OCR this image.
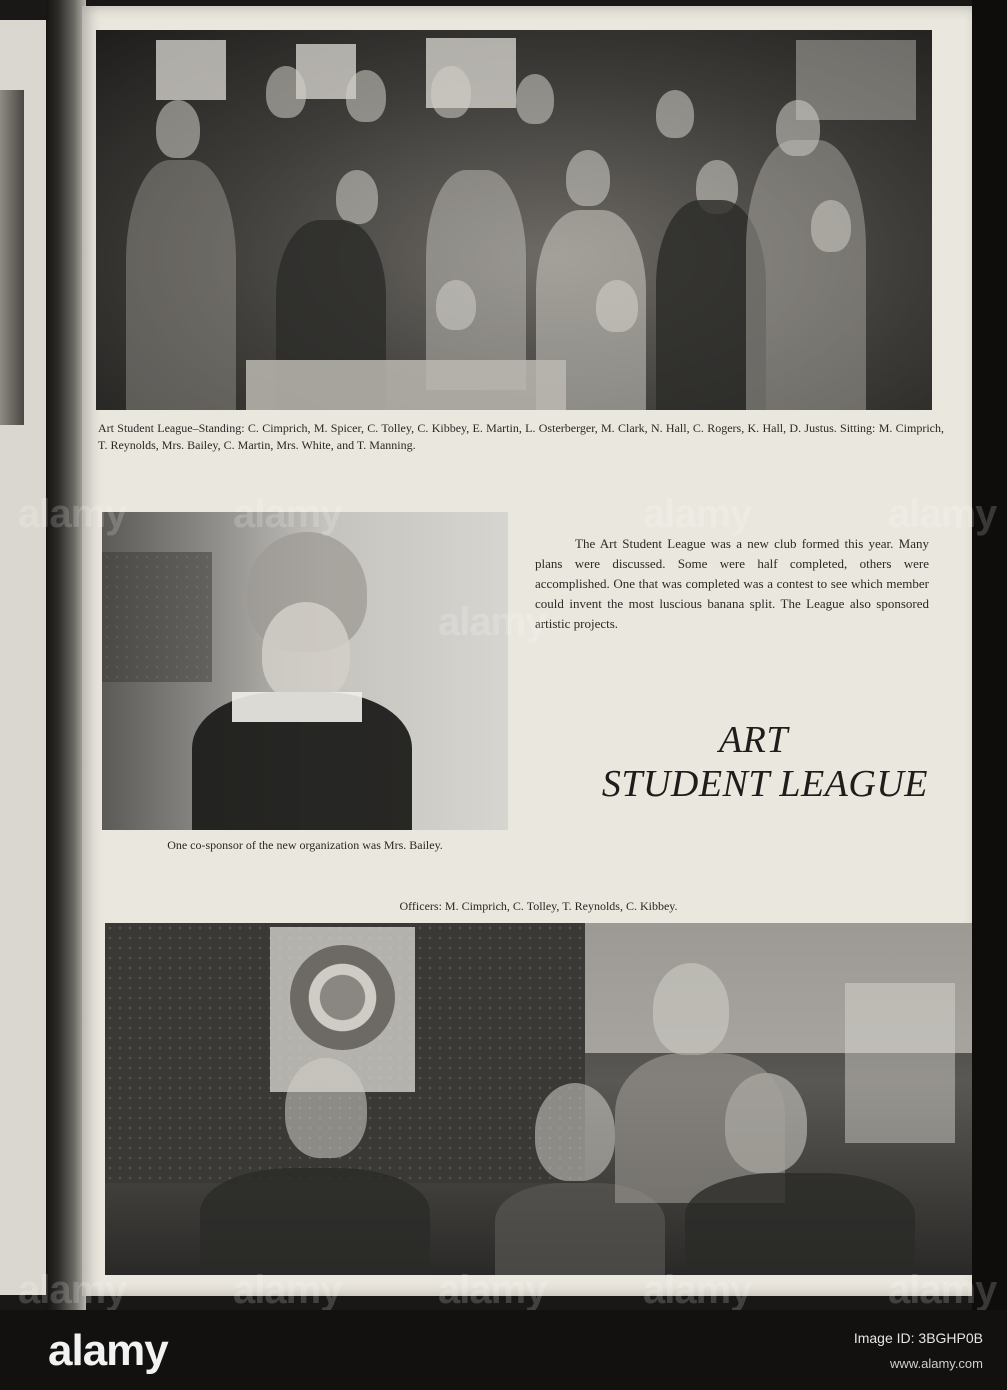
Art Student League–Standing: C. Cimprich, M. Spicer, C. Tolley, C. Kibbey, E. Martin, L. Osterberger, M. Clark, N. Hall, C. Rogers, K. Hall, D. Justus. Sitting: M. Cimprich, T. Reynolds, Mrs. Bailey, C. Martin, Mrs. White, and T. Manning.
The Art Student League was a new club formed this year. Many plans were discussed. Some were half completed, others were accomplished. One that was completed was a contest to see which member could invent the most luscious banana split. The League also sponsored artistic projects.
ART
STUDENT LEAGUE
One co-sponsor of the new organization was Mrs. Bailey.
Officers: M. Cimprich, C. Tolley, T. Reynolds, C. Kibbey.
alamy	alamy
alamy
alamy	alamy
alamy	alamy alamy alamy	alamy
alamy	Image ID: 3BGHP0B
www.alamy.com
